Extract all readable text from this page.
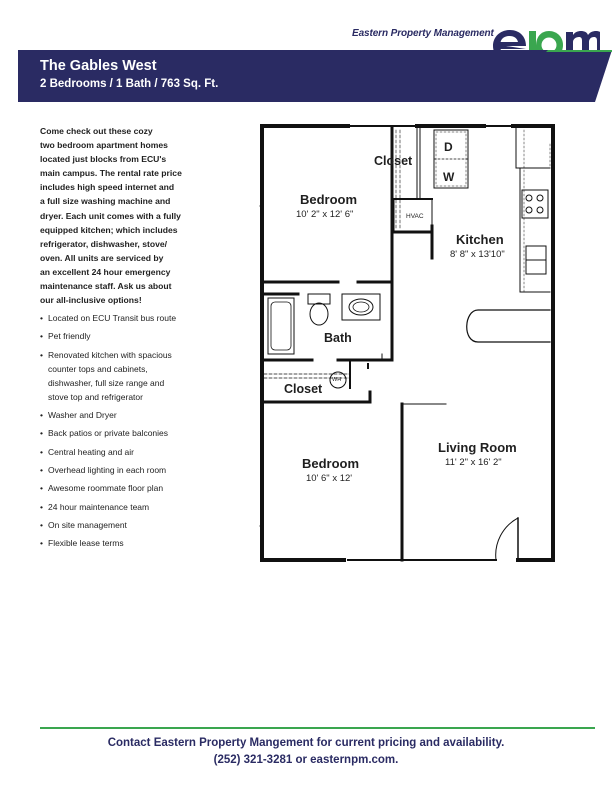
Eastern Property Management
The Gables West
2 Bedrooms / 1 Bath / 763 Sq. Ft.
Come check out these cozy
two bedroom apartment homes
located just blocks from ECU's
main campus. The rental rate price
includes high speed internet and
a full size washing machine and
dryer. Each unit comes with a fully
equipped kitchen; which includes
refrigerator, dishwasher, stove/
oven. All units are serviced by
an excellent 24 hour emergency
maintenance staff. Ask us about
our all-inclusive options!
• Located on ECU Transit bus route
• Pet friendly
• Renovated kitchen with spacious
counter tops and cabinets,
dishwasher, full size range and
stove top and refrigerator
• Washer and Dryer
• Back patios or private balconies
• Central heating and air
• Overhead lighting in each room
• Awesome roommate floor plan
• 24 hour maintenance team
• On site management
• Flexible lease terms
Closet
D
W
HVAC
Bedroom
10' 2" x 12' 6"
Kitchen
8' 8" x 13'10"
Bath
Closet
WH
Bedroom
10' 6" x 12'
Living Room
11' 2" x 16' 2"
Contact Eastern Property Mangement for current pricing and availability.
(252) 321-3281 or easternpm.com.
